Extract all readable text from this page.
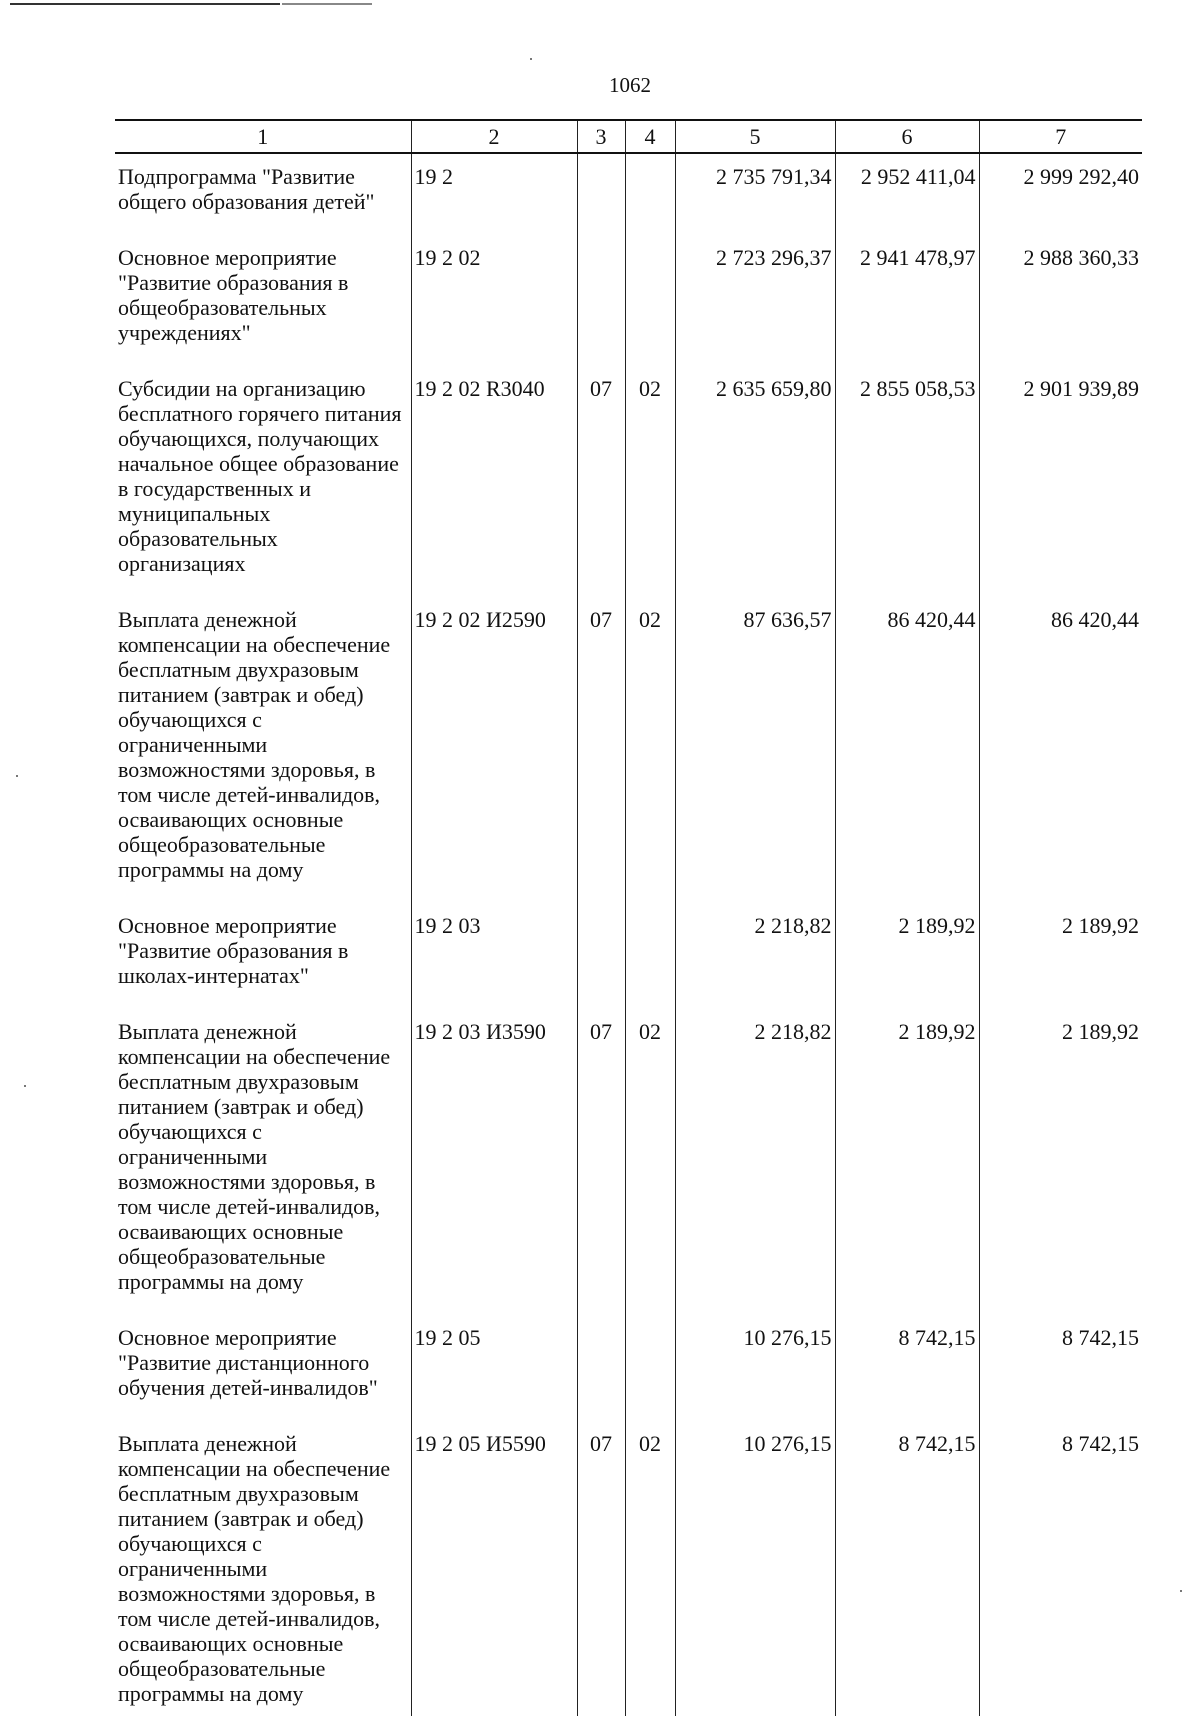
1062
1	2	3	4	5	6	7
Подпрограмма "Развитие общего образования детей"	19 2			2 735 791,34	2 952 411,04	2 999 292,40
Основное мероприятие "Развитие образования в общеобразовательных учреждениях"	19 2 02			2 723 296,37	2 941 478,97	2 988 360,33
Субсидии на организацию бесплатного горячего питания обучающихся, получающих начальное общее образование в государственных и муниципальных образовательных организациях	19 2 02 R3040	07	02	2 635 659,80	2 855 058,53	2 901 939,89
Выплата денежной компенсации на обеспечение бесплатным двухразовым питанием (завтрак и обед) обучающихся с ограниченными возможностями здоровья, в том числе детей-инвалидов, осваивающих основные общеобразовательные программы на дому	19 2 02 И2590	07	02	87 636,57	86 420,44	86 420,44
Основное мероприятие "Развитие образования в школах-интернатах"	19 2 03			2 218,82	2 189,92	2 189,92
Выплата денежной компенсации на обеспечение бесплатным двухразовым питанием (завтрак и обед) обучающихся с ограниченными возможностями здоровья, в том числе детей-инвалидов, осваивающих основные общеобразовательные программы на дому	19 2 03 И3590	07	02	2 218,82	2 189,92	2 189,92
Основное мероприятие "Развитие дистанционного обучения детей-инвалидов"	19 2 05			10 276,15	8 742,15	8 742,15
Выплата денежной компенсации на обеспечение бесплатным двухразовым питанием (завтрак и обед) обучающихся с ограниченными возможностями здоровья, в том числе детей-инвалидов, осваивающих основные общеобразовательные программы на дому	19 2 05 И5590	07	02	10 276,15	8 742,15	8 742,15
